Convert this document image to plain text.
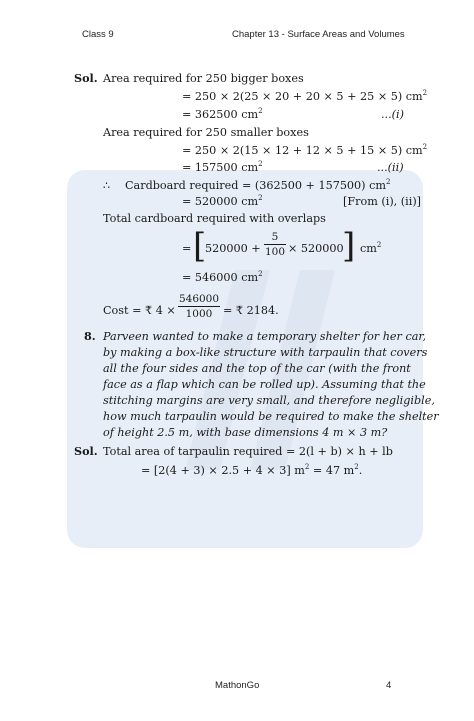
Class 9	Chapter 13 - Surface Areas and Volumes
Sol. Area required for 250 bigger boxes
= 250 × 2(25 × 20 + 20 × 5 + 25 × 5) $cm^2$
= 362500 $cm^2$	...(i)
Area required for 250 smaller boxes
= 250 × 2(15 × 12 + 12 × 5 + 15 × 5) $cm^2$
= 157500 $cm^2$	...(ii)
∴ Cardboard required = (362500 + 157500) $cm^2$
= 520000 $cm^2$	[From (i), (ii)]
Total cardboard required with overlaps
= [
520000 +
5
100 × 520000
] $cm^2$
= 546000 $cm^2$
Cost = ₹ 4 ×
546000
1000 = ₹ 2184.
8. Parveen wanted to make a temporary shelter for her car,
by making a box-like structure with tarpaulin that covers
all the four sides and the top of the car (with the front
face as a flap which can be rolled up). Assuming that the
stitching margins are very small, and therefore negligible,
how much tarpaulin would be required to make the shelter
of height 2.5 m, with base dimensions 4 m × 3 m?
Sol. Total area of tarpaulin required = 2(l + b) × h + lb
= [2(4 + 3) × 2.5 + 4 × 3] $m^2 = 47$ $m^2$.
MathonGo	4
